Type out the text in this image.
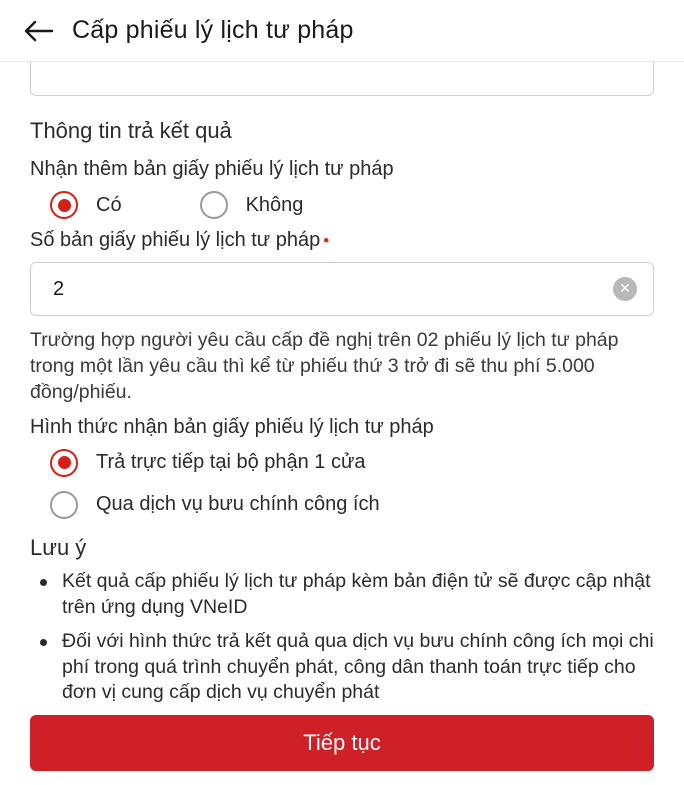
Cấp phiếu lý lịch tư pháp
Thông tin trả kết quả
Nhận thêm bản giấy phiếu lý lịch tư pháp
Có	Không
Số bản giấy phiếu lý lịch tư pháp •
2	✕
Trường hợp người yêu cầu cấp đề nghị trên 02 phiếu lý lịch tư pháp trong một lần yêu cầu thì kể từ phiếu thứ 3 trở đi sẽ thu phí 5.000 đồng/phiếu.
Hình thức nhận bản giấy phiếu lý lịch tư pháp
Trả trực tiếp tại bộ phận 1 cửa
Qua dịch vụ bưu chính công ích
Lưu ý
Kết quả cấp phiếu lý lịch tư pháp kèm bản điện tử sẽ được cập nhật trên ứng dụng VNeID
Đối với hình thức trả kết quả qua dịch vụ bưu chính công ích mọi chi phí trong quá trình chuyển phát, công dân thanh toán trực tiếp cho đơn vị cung cấp dịch vụ chuyển phát
Tiếp tục
